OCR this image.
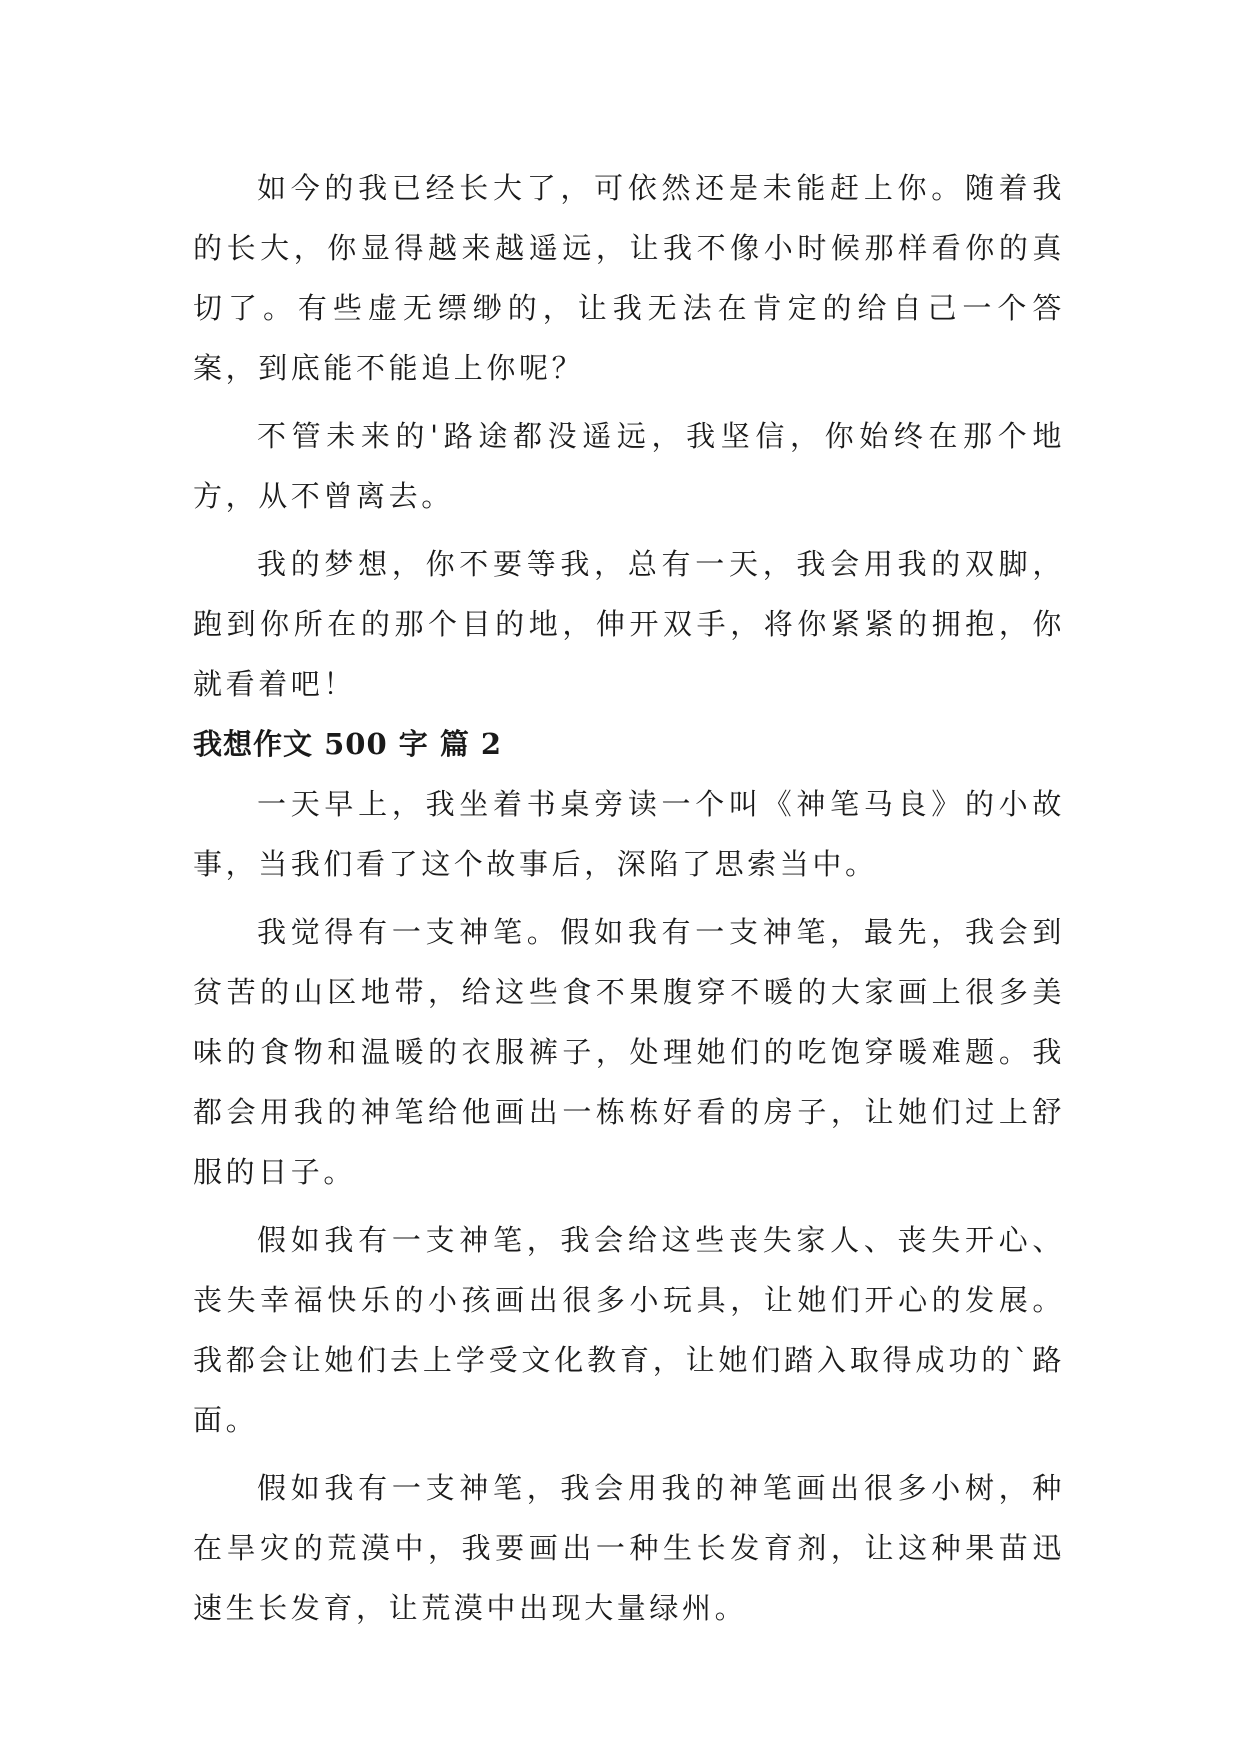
如今的我已经长大了，可依然还是未能赶上你。随着我的长大，你显得越来越遥远，让我不像小时候那样看你的真切了。有些虚无缥缈的，让我无法在肯定的给自己一个答案，到底能不能追上你呢？

不管未来的'路途都没遥远，我坚信，你始终在那个地方，从不曾离去。

我的梦想，你不要等我，总有一天，我会用我的双脚，跑到你所在的那个目的地，伸开双手，将你紧紧的拥抱，你就看着吧！

我想作文 500 字 篇 2

一天早上，我坐着书桌旁读一个叫《神笔马良》的小故事，当我们看了这个故事后，深陷了思索当中。

我觉得有一支神笔。假如我有一支神笔，最先，我会到贫苦的山区地带，给这些食不果腹穿不暖的大家画上很多美味的食物和温暖的衣服裤子，处理她们的吃饱穿暖难题。我都会用我的神笔给他画出一栋栋好看的房子，让她们过上舒服的日子。

假如我有一支神笔，我会给这些丧失家人、丧失开心、丧失幸福快乐的小孩画出很多小玩具，让她们开心的发展。我都会让她们去上学受文化教育，让她们踏入取得成功的`路面。

假如我有一支神笔，我会用我的神笔画出很多小树，种在旱灾的荒漠中，我要画出一种生长发育剂，让这种果苗迅速生长发育，让荒漠中出现大量绿州。
